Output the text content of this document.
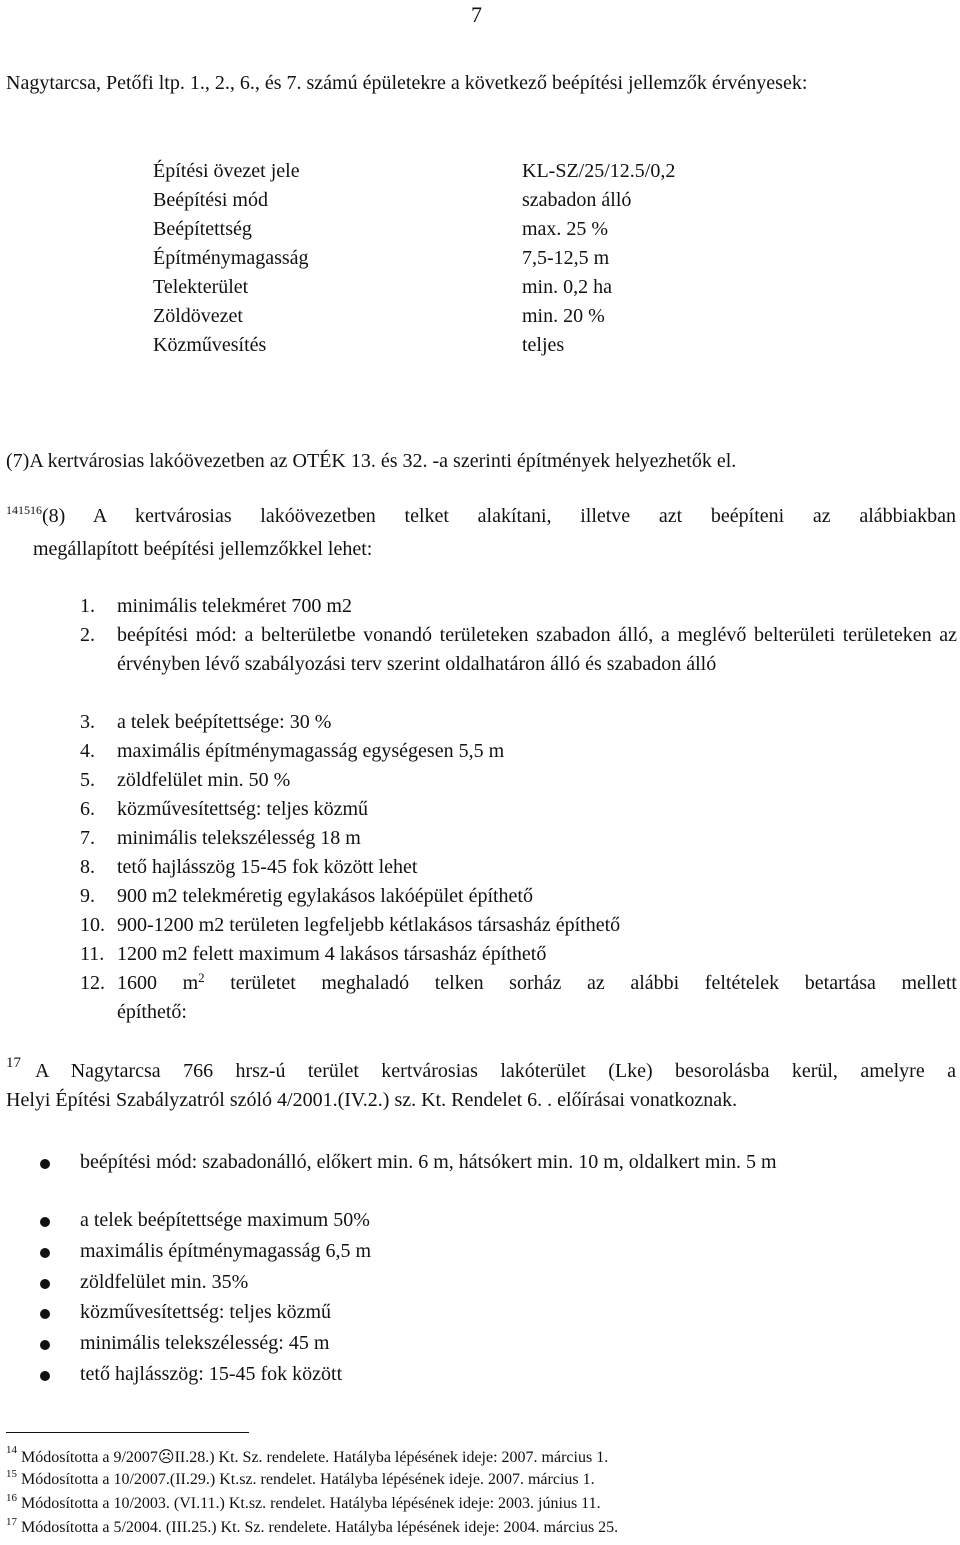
7
Nagytarcsa, Petőfi ltp. 1., 2., 6., és 7. számú épületekre a következő beépítési jellemzők érvényesek:
Építési övezet jele	KL-SZ/25/12.5/0,2
Beépítési mód	szabadon álló
Beépítettség	max. 25 %
Építménymagasság	7,5-12,5 m
Telekterület	min. 0,2 ha
Zöldövezet	min. 20 %
Közművesítés	teljes
(7)A kertvárosias lakóövezetben az OTÉK 13. és 32. -a szerinti építmények helyezhetők el.
$^{141516}$(8) A kertvárosias lakóövezetben telket alakítani, illetve azt beépíteni az alábbiakban
megállapított beépítési jellemzőkkel lehet:
1.	minimális telekméret 700 m2
2.	beépítési mód: a belterületbe vonandó területeken szabadon álló, a meglévő belterületi területeken az érvényben lévő szabályozási terv szerint oldalhatáron álló és szabadon álló
3.	a telek beépítettsége: 30 %
4.	maximális építménymagasság egységesen 5,5 m
5.	zöldfelület min. 50 %
6.	közművesítettség: teljes közmű
7.	minimális telekszélesség 18 m
8.	tető hajlásszög 15-45 fok között lehet
9.	900 m2 telekméretig egylakásos lakóépület építhető
10. 900-1200 m2 területen legfeljebb kétlakásos társasház építhető
11. 1200 m2 felett maximum 4 lakásos társasház építhető
12. 1600 m$^2$ területet meghaladó telken sorház az alábbi feltételek betartása mellett
építhető:
$^{17}$ A Nagytarcsa 766 hrsz-ú terület kertvárosias lakóterület (Lke) besorolásba kerül, amelyre a
Helyi Építési Szabályzatról szóló 4/2001.(IV.2.) sz. Kt. Rendelet 6. . előírásai vonatkoznak.
beépítési mód: szabadonálló, előkert min. 6 m, hátsókert min. 10 m, oldalkert min. 5 m
a telek beépítettsége maximum 50%
maximális építménymagasság 6,5 m
zöldfelület min. 35%
közművesítettség: teljes közmű
minimális telekszélesség: 45 m
tető hajlásszög: 15-45 fok között
$^{14}$ Módosította a 9/2007☹II.28.) Kt. Sz. rendelete. Hatályba lépésének ideje: 2007. március 1.
$^{15}$ Módosította a 10/2007.(II.29.) Kt.sz. rendelet. Hatályba lépésének ideje. 2007. március 1.
$^{16}$ Módosította a 10/2003. (VI.11.) Kt.sz. rendelet. Hatályba lépésének ideje: 2003. június 11.
$^{17}$ Módosította a 5/2004. (III.25.) Kt. Sz. rendelete. Hatályba lépésének ideje: 2004. március 25.
